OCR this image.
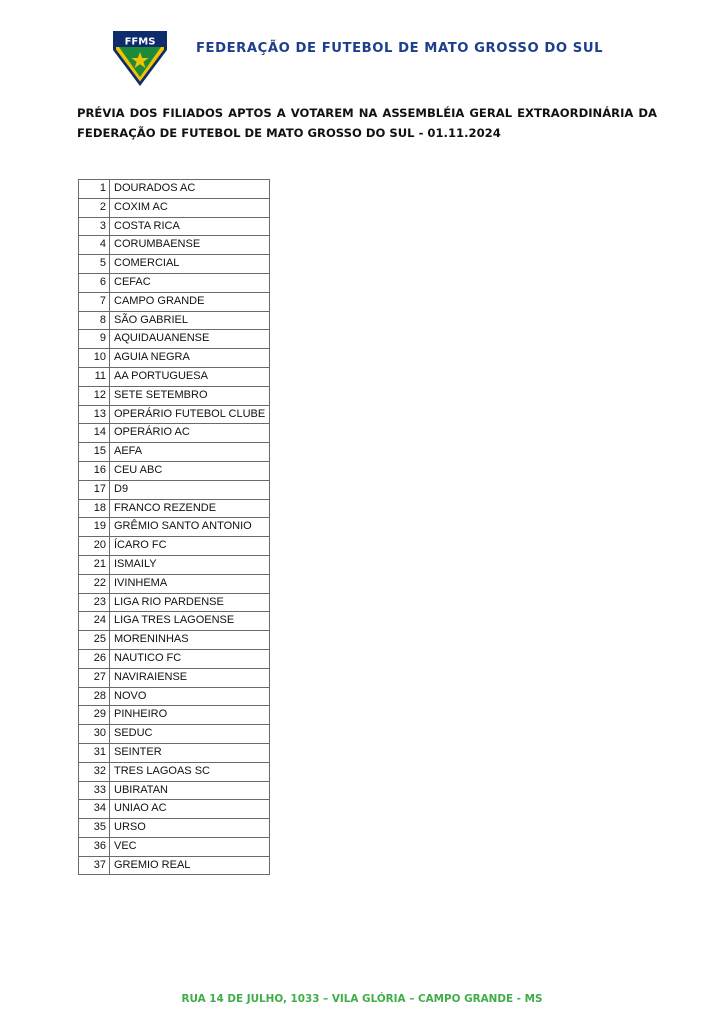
FFMS	FEDERAÇÃO DE FUTEBOL DE MATO GROSSO DO SUL
PRÉVIA DOS FILIADOS APTOS A VOTAREM NA ASSEMBLÉIA GERAL EXTRAORDINÁRIA DA
FEDERAÇÃO DE FUTEBOL DE MATO GROSSO DO SUL - 01.11.2024
1	DOURADOS AC
2	COXIM AC
3	COSTA RICA
4	CORUMBAENSE
5	COMERCIAL
6	CEFAC
7	CAMPO GRANDE
8	SÃO GABRIEL
9	AQUIDAUANENSE
10	AGUIA NEGRA
11	AA PORTUGUESA
12	SETE SETEMBRO
13	OPERÁRIO FUTEBOL CLUBE
14	OPERÁRIO AC
15	AEFA
16	CEU ABC
17	D9
18	FRANCO REZENDE
19	GRÊMIO SANTO ANTONIO
20	ÍCARO FC
21	ISMAILY
22	IVINHEMA
23	LIGA RIO PARDENSE
24	LIGA TRES LAGOENSE
25	MORENINHAS
26	NAUTICO FC
27	NAVIRAIENSE
28	NOVO
29	PINHEIRO
30	SEDUC
31	SEINTER
32	TRES LAGOAS SC
33	UBIRATAN
34	UNIAO AC
35	URSO
36	VEC
37	GREMIO REAL
RUA 14 DE JULHO, 1033 – VILA GLÓRIA – CAMPO GRANDE - MS
